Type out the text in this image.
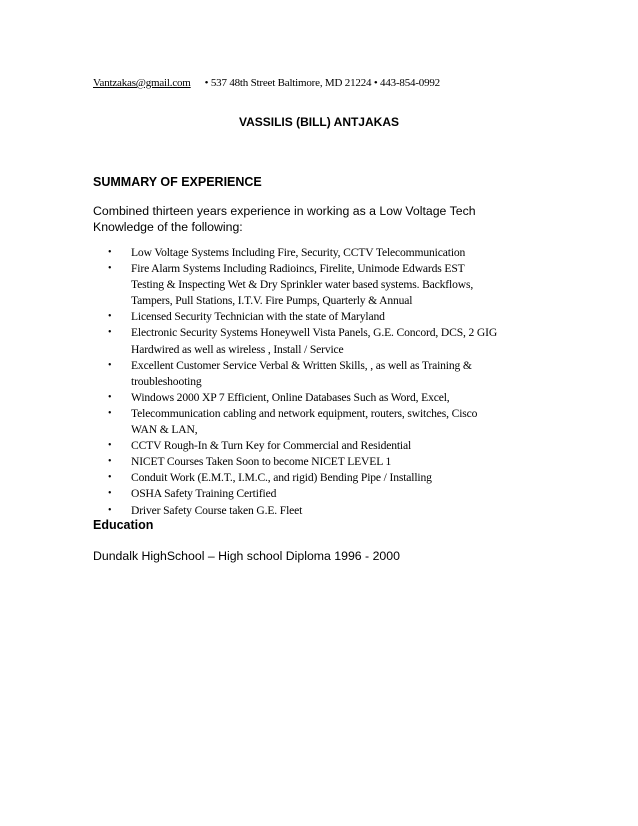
Vantzakas@gmail.com • 537 48th Street Baltimore, MD 21224 • 443-854-0992
VASSILIS (BILL) ANTJAKAS
SUMMARY OF EXPERIENCE
Combined thirteen years experience in working as a Low Voltage Tech
Knowledge of the following:
• Low Voltage Systems Including Fire, Security, CCTV Telecommunication
• Fire Alarm Systems Including Radioincs, Firelite, Unimode Edwards EST
Testing & Inspecting Wet & Dry Sprinkler water based systems. Backflows,
Tampers, Pull Stations, I.T.V. Fire Pumps, Quarterly & Annual
• Licensed Security Technician with the state of Maryland
• Electronic Security Systems Honeywell Vista Panels, G.E. Concord, DCS, 2 GIG
Hardwired as well as wireless , Install / Service
• Excellent Customer Service Verbal & Written Skills, , as well as Training &
troubleshooting
• Windows 2000 XP 7 Efficient, Online Databases Such as Word, Excel,
• Telecommunication cabling and network equipment, routers, switches, Cisco
WAN & LAN,
• CCTV Rough-In & Turn Key for Commercial and Residential
• NICET Courses Taken Soon to become NICET LEVEL 1
• Conduit Work (E.M.T., I.M.C., and rigid) Bending Pipe / Installing
• OSHA Safety Training Certified
• Driver Safety Course taken G.E. Fleet
Education
Dundalk HighSchool – High school Diploma 1996 - 2000
